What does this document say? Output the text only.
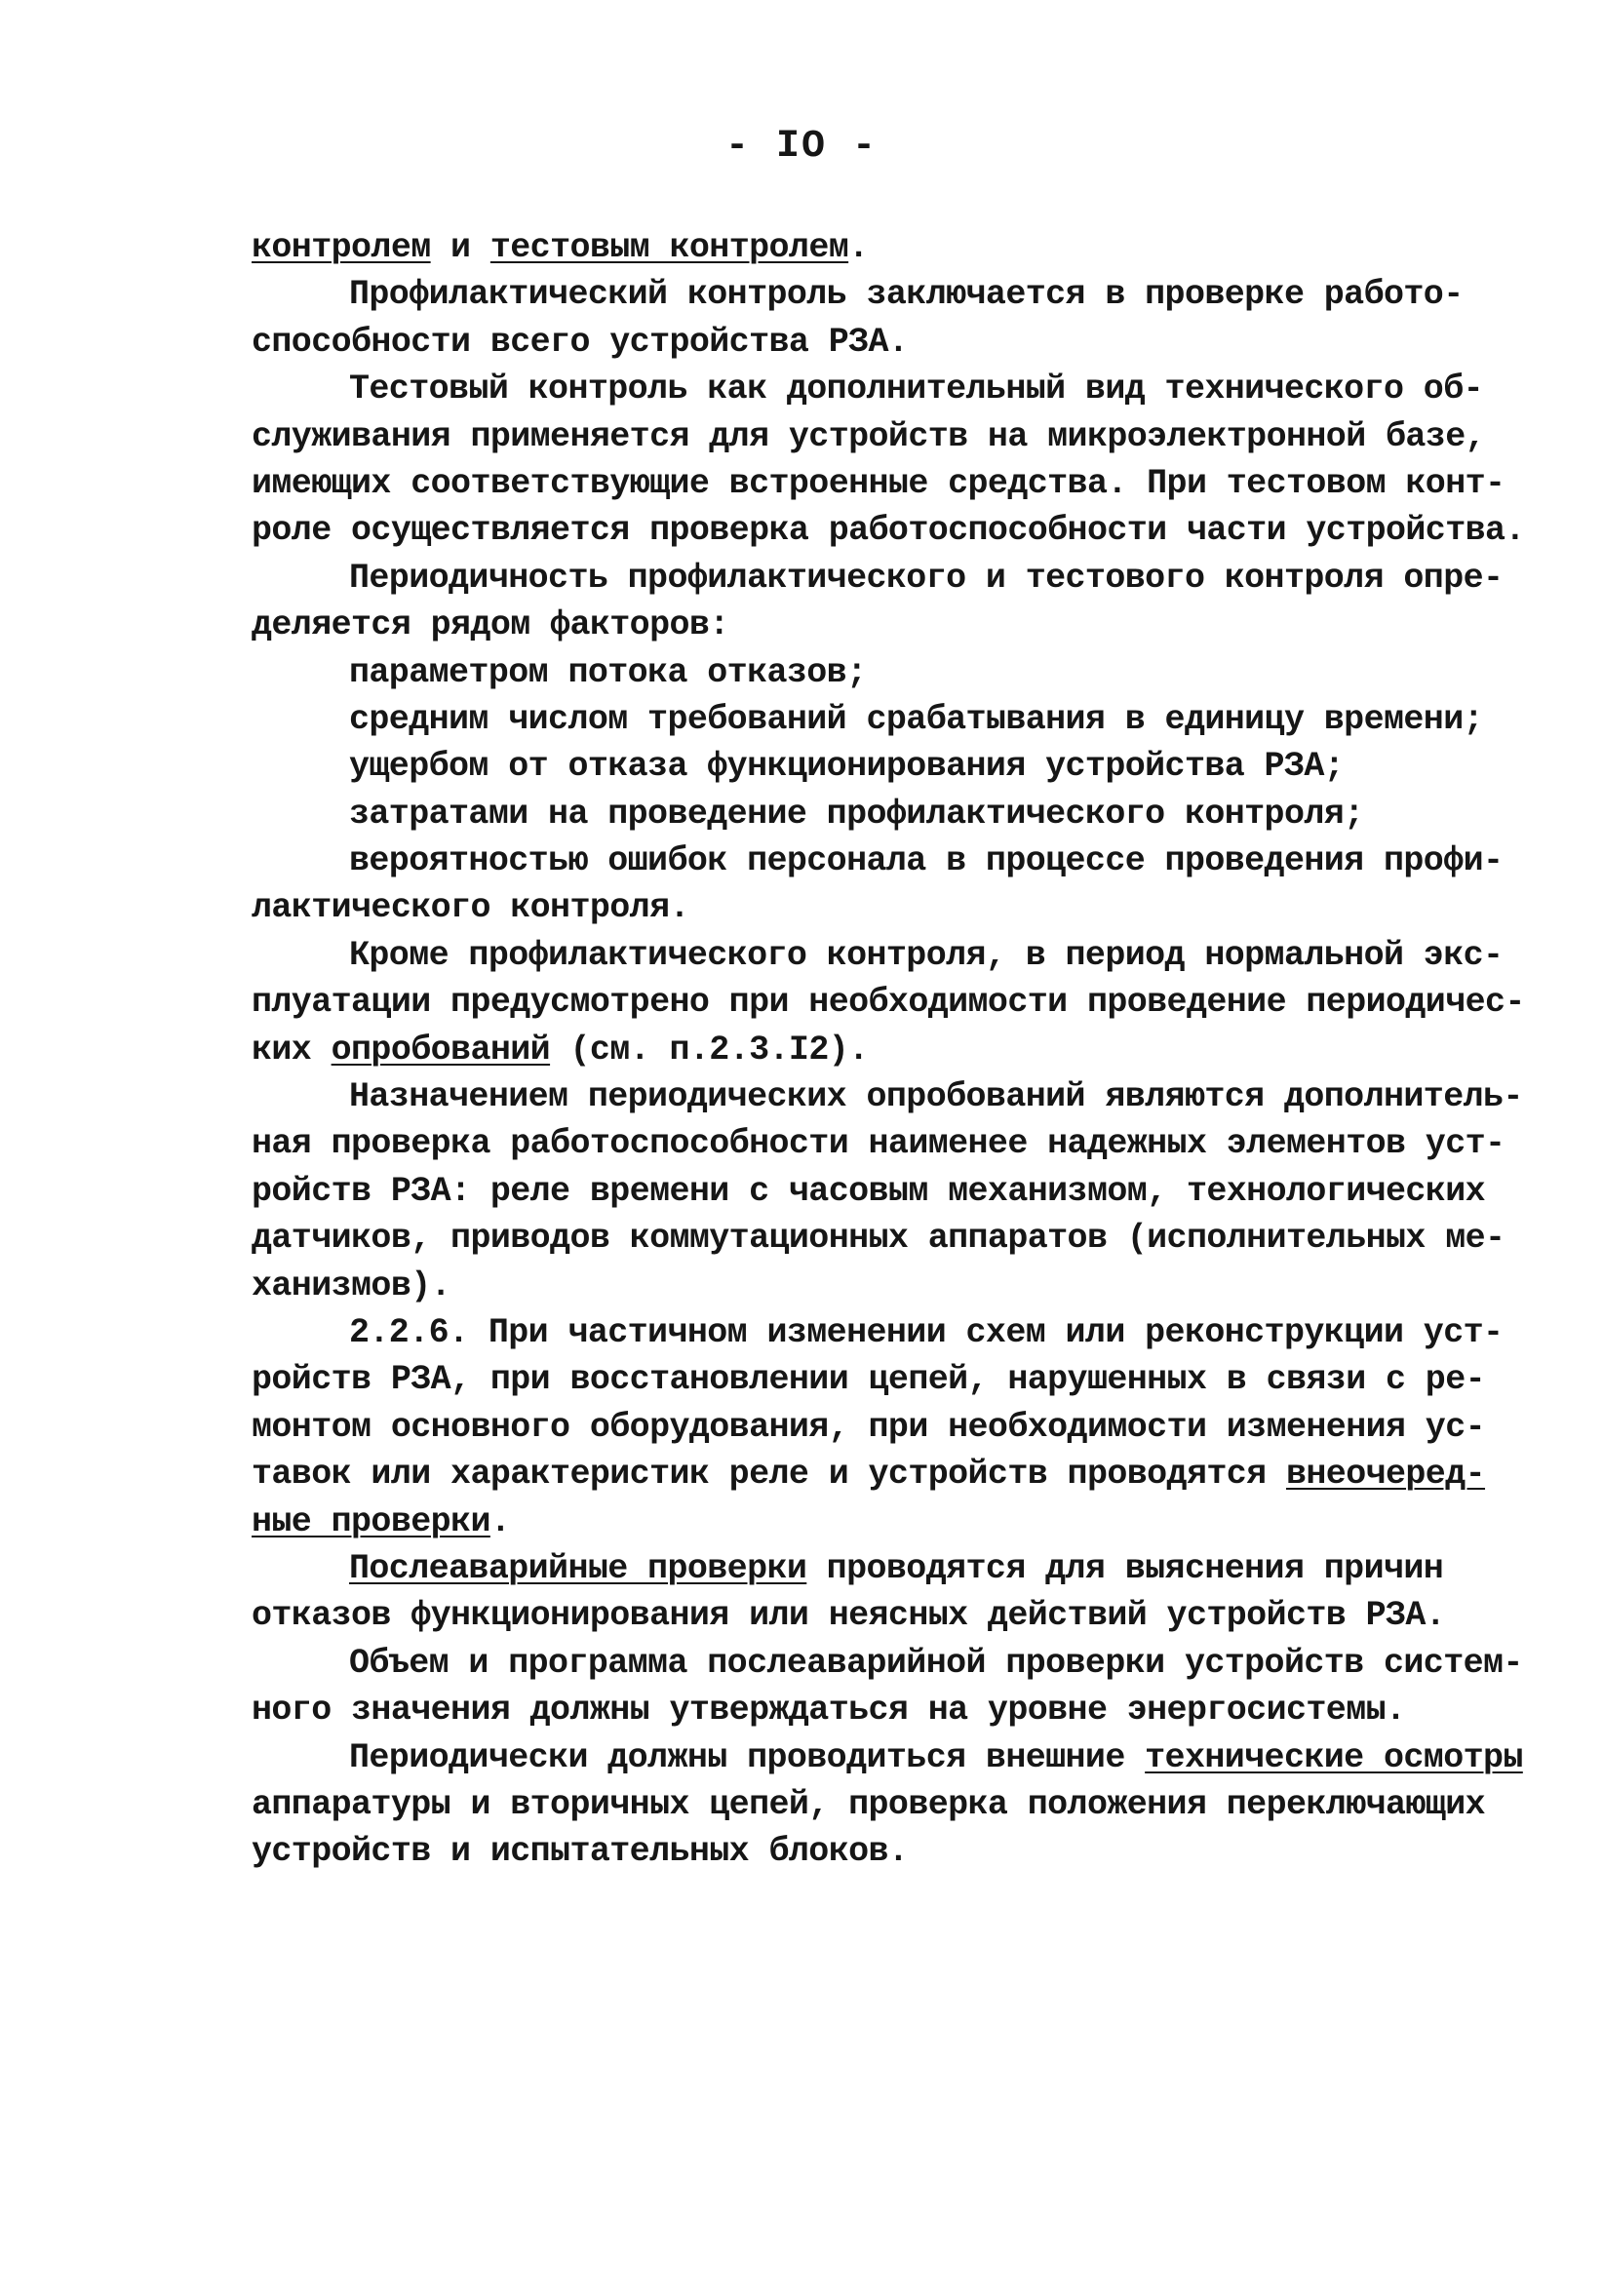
- IO -
контролем и тестовым контролем.
Профилактический контроль заключается в проверке работо-
способности всего устройства РЗА.
Тестовый контроль как дополнительный вид технического об-
служивания применяется для устройств на микроэлектронной базе,
имеющих соответствующие встроенные средства. При тестовом конт-
роле осуществляется проверка работоспособности части устройства.
Периодичность профилактического и тестового контроля опре-
деляется рядом факторов:
параметром потока отказов;
средним числом требований срабатывания в единицу времени;
ущербом от отказа функционирования устройства РЗА;
затратами на проведение профилактического контроля;
вероятностью ошибок персонала в процессе проведения профи-
лактического контроля.
Кроме профилактического контроля, в период нормальной экс-
плуатации предусмотрено при необходимости проведение периодичес-
ких опробований (см. п.2.3.I2).
Назначением периодических опробований являются дополнитель-
ная проверка работоспособности наименее надежных элементов уст-
ройств РЗА: реле времени с часовым механизмом, технологических
датчиков, приводов коммутационных аппаратов (исполнительных ме-
ханизмов).
2.2.6. При частичном изменении схем или реконструкции уст-
ройств РЗА, при восстановлении цепей, нарушенных в связи с ре-
монтом основного оборудования, при необходимости изменения ус-
тавок или характеристик реле и устройств проводятся внеочеред-
ные проверки.
Послеаварийные проверки проводятся для выяснения причин
отказов функционирования или неясных действий устройств РЗА.
Объем и программа послеаварийной проверки устройств систем-
ного значения должны утверждаться на уровне энергосистемы.
Периодически должны проводиться внешние технические осмотры
аппаратуры и вторичных цепей, проверка положения переключающих
устройств и испытательных блоков.
